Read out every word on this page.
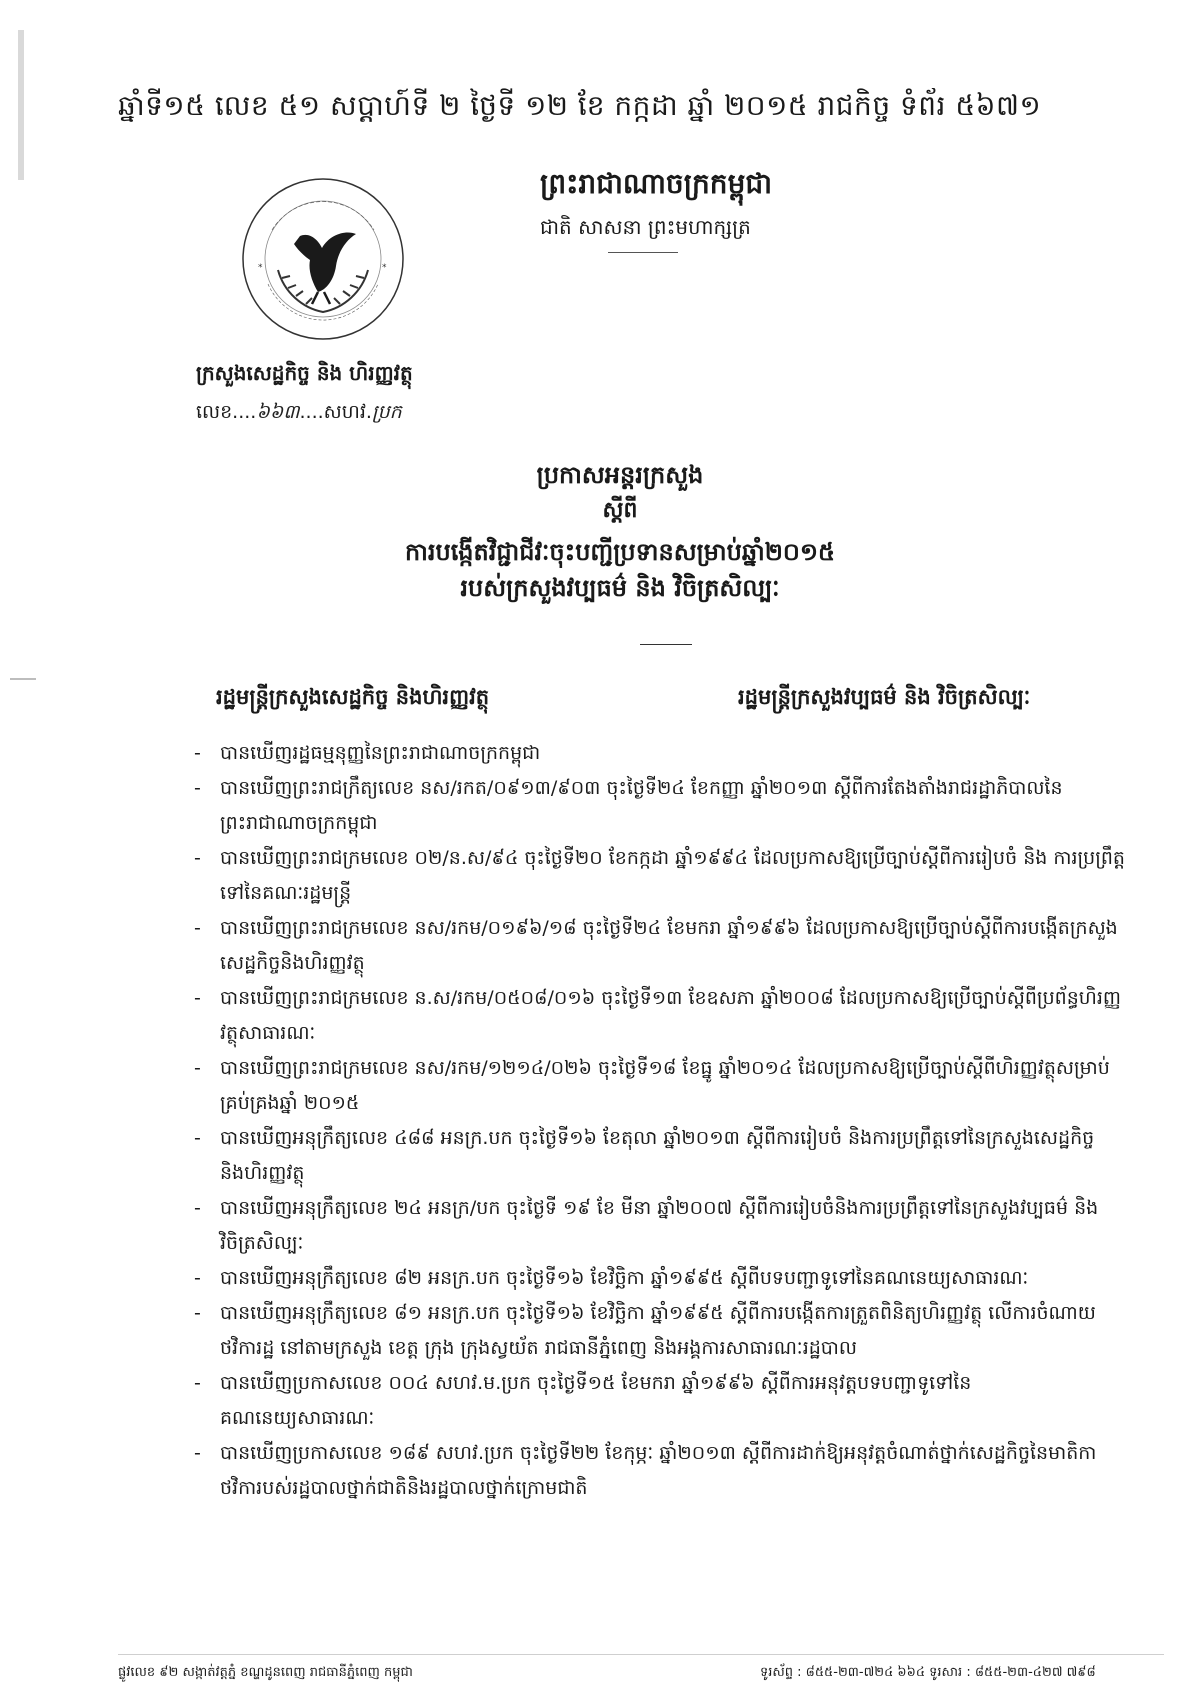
ឆ្នាំទី១៥ លេខ ៥១ សប្តាហ៍ទី ២ ថ្ងៃទី ១២ ខែ កក្កដា ឆ្នាំ ២០១៥ រាជកិច្ច ទំព័រ ៥៦៧១
*	*
ក្រសួងសេដ្ឋកិច្ច និង ហិរញ្ញវត្ថុ
លេខ....៦៦៣....សហវ.ប្រក
ព្រះរាជាណាចក្រកម្ពុជា
ជាតិ សាសនា ព្រះមហាក្សត្រ
ប្រកាសអន្តរក្រសួង
ស្តីពី
ការបង្កើតវិជ្ជាជីវៈ​ចុះបញ្ជីប្រទានសម្រាប់ឆ្នាំ២០១៥
របស់ក្រសួងវប្បធម៌ និង វិចិត្រសិល្បៈ
រដ្ឋមន្ត្រីក្រសួងសេដ្ឋកិច្ច និងហិរញ្ញវត្ថុ	រដ្ឋមន្ត្រីក្រសួងវប្បធម៌ និង វិចិត្រសិល្បៈ
- បានឃើញរដ្ឋធម្មនុញ្ញនៃព្រះរាជាណាចក្រកម្ពុជា
- បានឃើញព្រះរាជក្រឹត្យលេខ នស/រកត/០៩១៣/៩០៣ ចុះថ្ងៃទី២៤ ខែកញ្ញា ឆ្នាំ២០១៣ ស្តីពីការតែងតាំងរាជរដ្ឋាភិបាលនៃព្រះរាជាណាចក្រកម្ពុជា
- បានឃើញព្រះរាជក្រមលេខ ០២/ន.ស/៩៤ ចុះថ្ងៃទី២០ ខែកក្កដា ឆ្នាំ១៩៩៤ ដែលប្រកាសឱ្យប្រើច្បាប់ស្តីពីការរៀបចំ និង ការប្រព្រឹត្តទៅនៃគណៈរដ្ឋមន្ត្រី
- បានឃើញព្រះរាជក្រមលេខ នស/រកម/០១៩៦/១៨ ចុះថ្ងៃទី២៤ ខែមករា ឆ្នាំ១៩៩៦ ដែលប្រកាសឱ្យប្រើច្បាប់ស្តីពីការបង្កើតក្រសួងសេដ្ឋកិច្ចនិងហិរញ្ញវត្ថុ
- បានឃើញព្រះរាជក្រមលេខ ន.ស/រកម/០៥០៨/០១៦ ចុះថ្ងៃទី១៣ ខែឧសភា ឆ្នាំ២០០៨ ដែលប្រកាសឱ្យប្រើច្បាប់ស្តីពីប្រព័ន្ធហិរញ្ញវត្ថុសាធារណៈ
- បានឃើញព្រះរាជក្រមលេខ នស/រកម/១២១៤/០២៦ ចុះថ្ងៃទី១៨ ខែធ្នូ ឆ្នាំ២០១៤ ដែលប្រកាសឱ្យប្រើច្បាប់ស្តីពីហិរញ្ញវត្ថុសម្រាប់គ្រប់គ្រងឆ្នាំ ២០១៥
- បានឃើញអនុក្រឹត្យលេខ ៤៨៨ អនក្រ.បក ចុះថ្ងៃទី១៦ ខែតុលា ឆ្នាំ២០១៣ ស្តីពីការរៀបចំ និងការប្រព្រឹត្តទៅនៃក្រសួងសេដ្ឋកិច្ច និងហិរញ្ញវត្ថុ
- បានឃើញអនុក្រឹត្យលេខ ២៤ អនក្រ/បក ចុះថ្ងៃទី ១៩ ខែ មីនា ឆ្នាំ២០០៧ ស្តីពីការរៀបចំនិងការប្រព្រឹត្តទៅនៃក្រសួងវប្បធម៌ និងវិចិត្រសិល្បៈ
- បានឃើញអនុក្រឹត្យលេខ ៨២ អនក្រ.បក ចុះថ្ងៃទី១៦ ខែវិច្ឆិកា ឆ្នាំ១៩៩៥ ស្តីពីបទបញ្ជាទូទៅនៃគណនេយ្យសាធារណៈ
- បានឃើញអនុក្រឹត្យលេខ ៨១ អនក្រ.បក ចុះថ្ងៃទី១៦ ខែវិច្ឆិកា ឆ្នាំ១៩៩៥ ស្តីពីការបង្កើតការត្រួតពិនិត្យហិរញ្ញវត្ថុ លើការចំណាយថវិការដ្ឋ នៅតាមក្រសួង ខេត្ត ក្រុង ក្រុងស្វយ័ត រាជធានីភ្នំពេញ និងអង្គការសាធារណៈរដ្ឋបាល
- បានឃើញប្រកាសលេខ ០០៤ សហវ.ម.ប្រក ចុះថ្ងៃទី១៥ ខែមករា ឆ្នាំ១៩៩៦ ស្តីពីការអនុវត្តបទបញ្ជាទូទៅនៃ គណនេយ្យសាធារណៈ
- បានឃើញប្រកាសលេខ ១៨៩ សហវ.ប្រក ចុះថ្ងៃទី២២ ខែកុម្ភៈ ឆ្នាំ២០១៣ ស្តីពីការដាក់ឱ្យអនុវត្តចំណាត់ថ្នាក់សេដ្ឋកិច្ចនៃមាតិកាថវិការបស់រដ្ឋបាលថ្នាក់ជាតិនិងរដ្ឋបាលថ្នាក់ក្រោមជាតិ
ផ្លូវលេខ ៩២ សង្កាត់វត្តភ្នំ ខណ្ឌដូនពេញ រាជធានីភ្នំពេញ កម្ពុជា	ទូរស័ព្ទ : ៨៥៥-២៣-៧២៤ ៦៦៤ ទូរសារ : ៨៥៥-២៣-៤២៧ ៧៩៨
